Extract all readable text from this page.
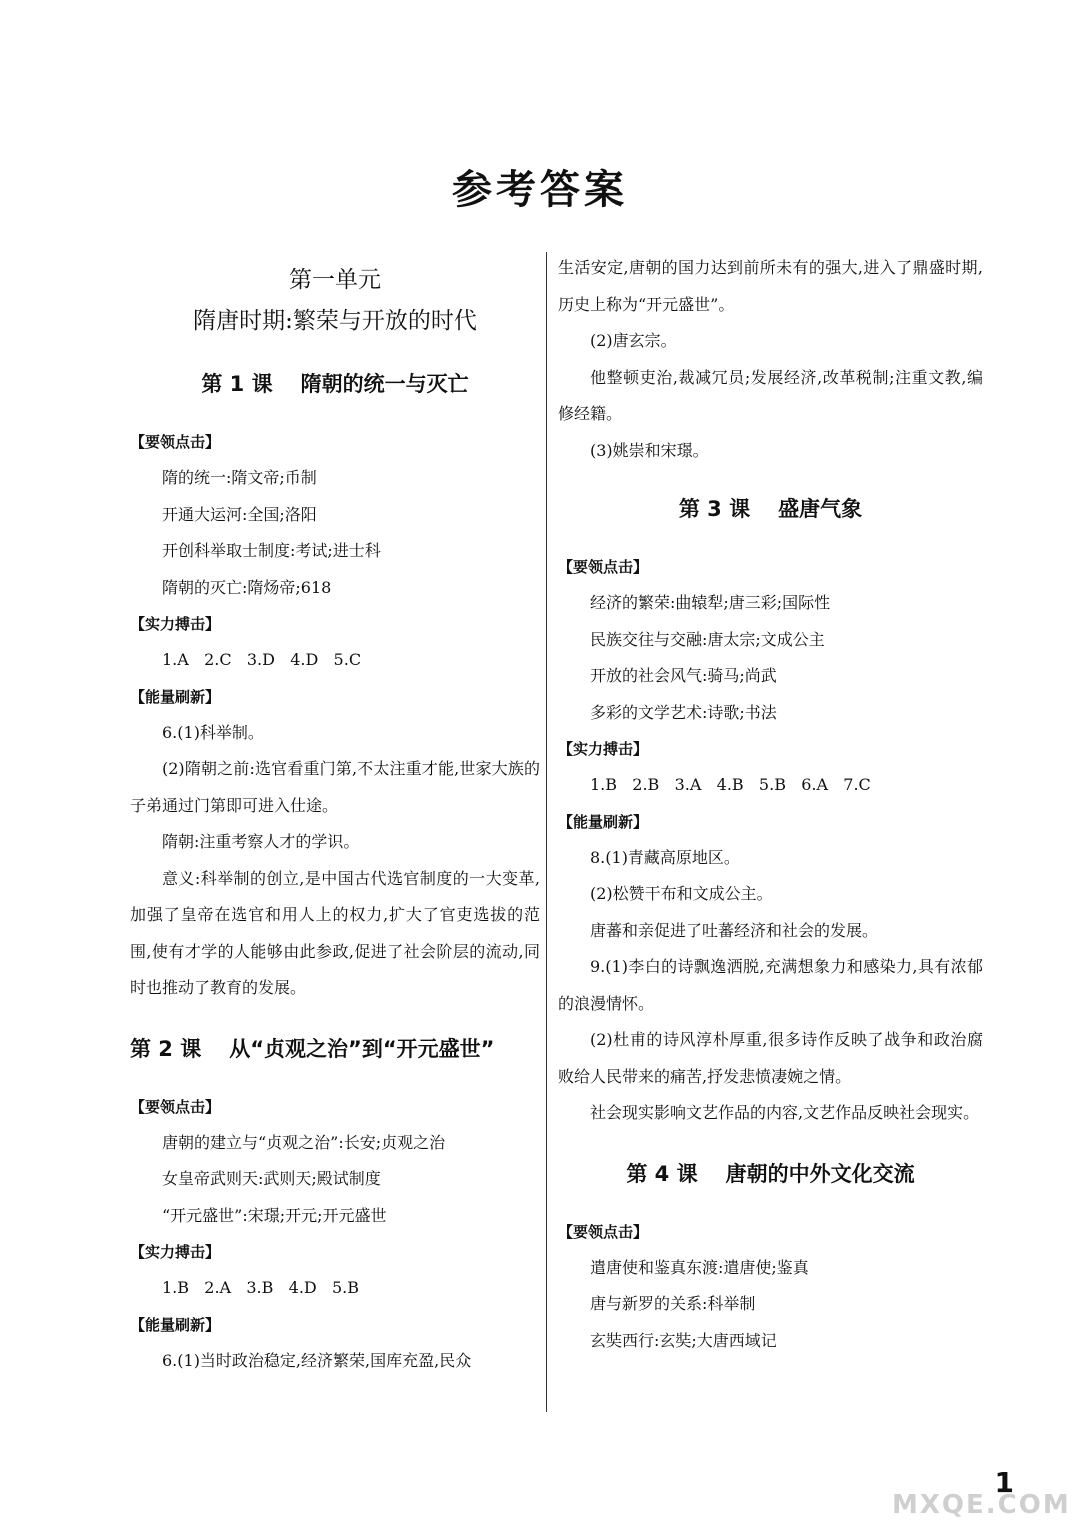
参考答案
第一单元
隋唐时期:繁荣与开放的时代
第 1 课 隋朝的统一与灭亡
【要领点击】
隋的统一:隋文帝;币制
开通大运河:全国;洛阳
开创科举取士制度:考试;进士科
隋朝的灭亡:隋炀帝;618
【实力搏击】
1.A   2.C   3.D   4.D   5.C
【能量刷新】
6.(1)科举制。
(2)隋朝之前:选官看重门第,不太注重才能,世家大族的子弟通过门第即可进入仕途。
隋朝:注重考察人才的学识。
意义:科举制的创立,是中国古代选官制度的一大变革,加强了皇帝在选官和用人上的权力,扩大了官吏选拔的范围,使有才学的人能够由此参政,促进了社会阶层的流动,同时也推动了教育的发展。
第 2 课 从“贞观之治”到“开元盛世”
【要领点击】
唐朝的建立与“贞观之治”:长安;贞观之治
女皇帝武则天:武则天;殿试制度
“开元盛世”:宋璟;开元;开元盛世
【实力搏击】
1.B   2.A   3.B   4.D   5.B
【能量刷新】
6.(1)当时政治稳定,经济繁荣,国库充盈,民众
生活安定,唐朝的国力达到前所未有的强大,进入了鼎盛时期,历史上称为“开元盛世”。
(2)唐玄宗。
他整顿吏治,裁减冗员;发展经济,改革税制;注重文教,编修经籍。
(3)姚崇和宋璟。
第 3 课 盛唐气象
【要领点击】
经济的繁荣:曲辕犁;唐三彩;国际性
民族交往与交融:唐太宗;文成公主
开放的社会风气:骑马;尚武
多彩的文学艺术:诗歌;书法
【实力搏击】
1.B   2.B   3.A   4.B   5.B   6.A   7.C
【能量刷新】
8.(1)青藏高原地区。
(2)松赞干布和文成公主。
唐蕃和亲促进了吐蕃经济和社会的发展。
9.(1)李白的诗飘逸洒脱,充满想象力和感染力,具有浓郁的浪漫情怀。
(2)杜甫的诗风淳朴厚重,很多诗作反映了战争和政治腐败给人民带来的痛苦,抒发悲愤凄婉之情。
社会现实影响文艺作品的内容,文艺作品反映社会现实。
第 4 课 唐朝的中外文化交流
【要领点击】
遣唐使和鉴真东渡:遣唐使;鉴真
唐与新罗的关系:科举制
玄奘西行:玄奘;大唐西域记
1
MXQE.COM
